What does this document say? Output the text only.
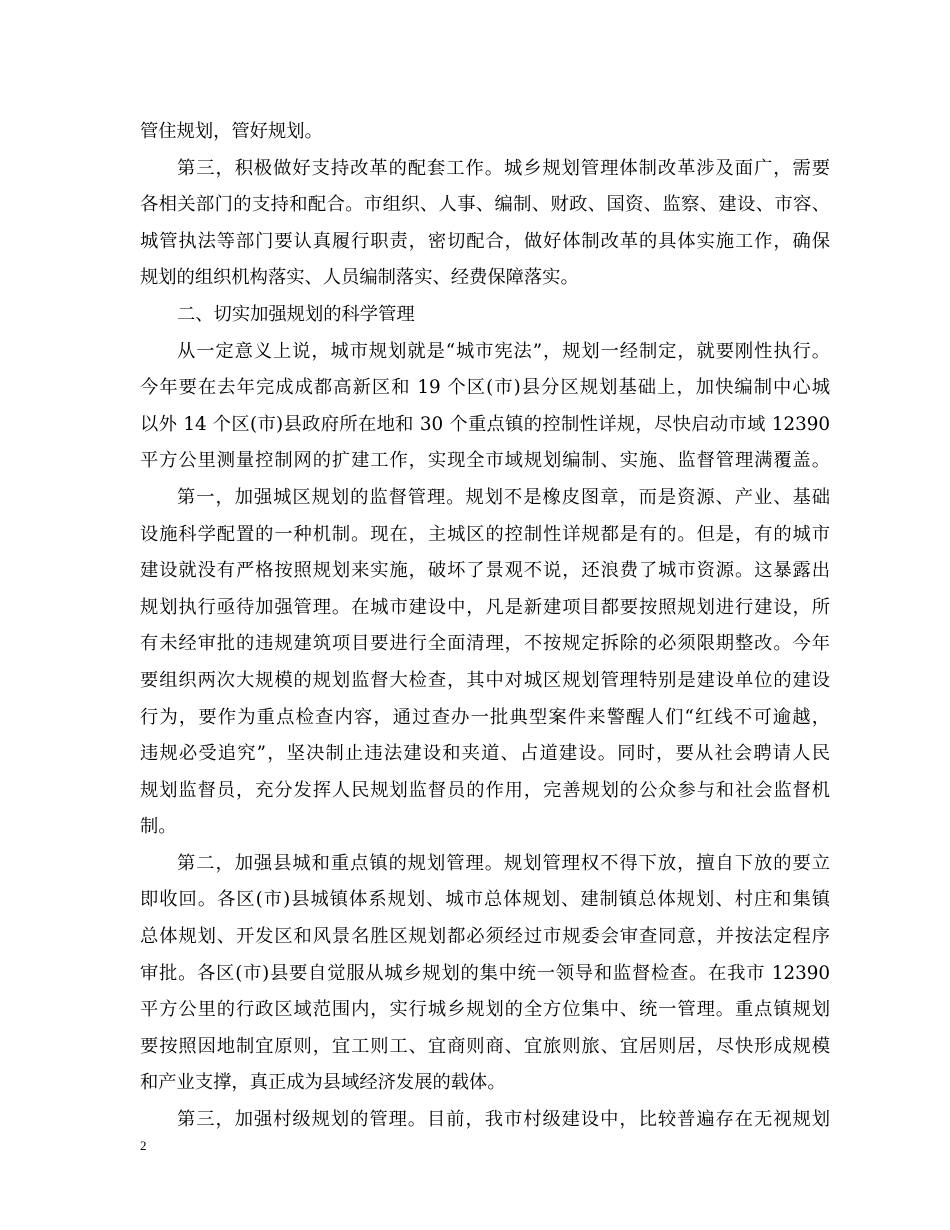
管住规划，管好规划。
第三，积极做好支持改革的配套工作。城乡规划管理体制改革涉及面广，需要
各相关部门的支持和配合。市组织、人事、编制、财政、国资、监察、建设、市容、
城管执法等部门要认真履行职责，密切配合，做好体制改革的具体实施工作，确保
规划的组织机构落实、人员编制落实、经费保障落实。
二、切实加强规划的科学管理
从一定意义上说，城市规划就是“城市宪法”，规划一经制定，就要刚性执行。
今年要在去年完成成都高新区和 19 个区(市)县分区规划基础上，加快编制中心城
以外 14 个区(市)县政府所在地和 30 个重点镇的控制性详规，尽快启动市域 12390
平方公里测量控制网的扩建工作，实现全市域规划编制、实施、监督管理满覆盖。
第一，加强城区规划的监督管理。规划不是橡皮图章，而是资源、产业、基础
设施科学配置的一种机制。现在，主城区的控制性详规都是有的。但是，有的城市
建设就没有严格按照规划来实施，破坏了景观不说，还浪费了城市资源。这暴露出
规划执行亟待加强管理。在城市建设中，凡是新建项目都要按照规划进行建设，所
有未经审批的违规建筑项目要进行全面清理，不按规定拆除的必须限期整改。今年
要组织两次大规模的规划监督大检查，其中对城区规划管理特别是建设单位的建设
行为，要作为重点检查内容，通过查办一批典型案件来警醒人们“红线不可逾越，
违规必受追究”，坚决制止违法建设和夹道、占道建设。同时，要从社会聘请人民
规划监督员，充分发挥人民规划监督员的作用，完善规划的公众参与和社会监督机
制。
第二，加强县城和重点镇的规划管理。规划管理权不得下放，擅自下放的要立
即收回。各区(市)县城镇体系规划、城市总体规划、建制镇总体规划、村庄和集镇
总体规划、开发区和风景名胜区规划都必须经过市规委会审查同意，并按法定程序
审批。各区(市)县要自觉服从城乡规划的集中统一领导和监督检查。在我市 12390
平方公里的行政区域范围内，实行城乡规划的全方位集中、统一管理。重点镇规划
要按照因地制宜原则，宜工则工、宜商则商、宜旅则旅、宜居则居，尽快形成规模
和产业支撑，真正成为县域经济发展的载体。
第三，加强村级规划的管理。目前，我市村级建设中，比较普遍存在无视规划
2
